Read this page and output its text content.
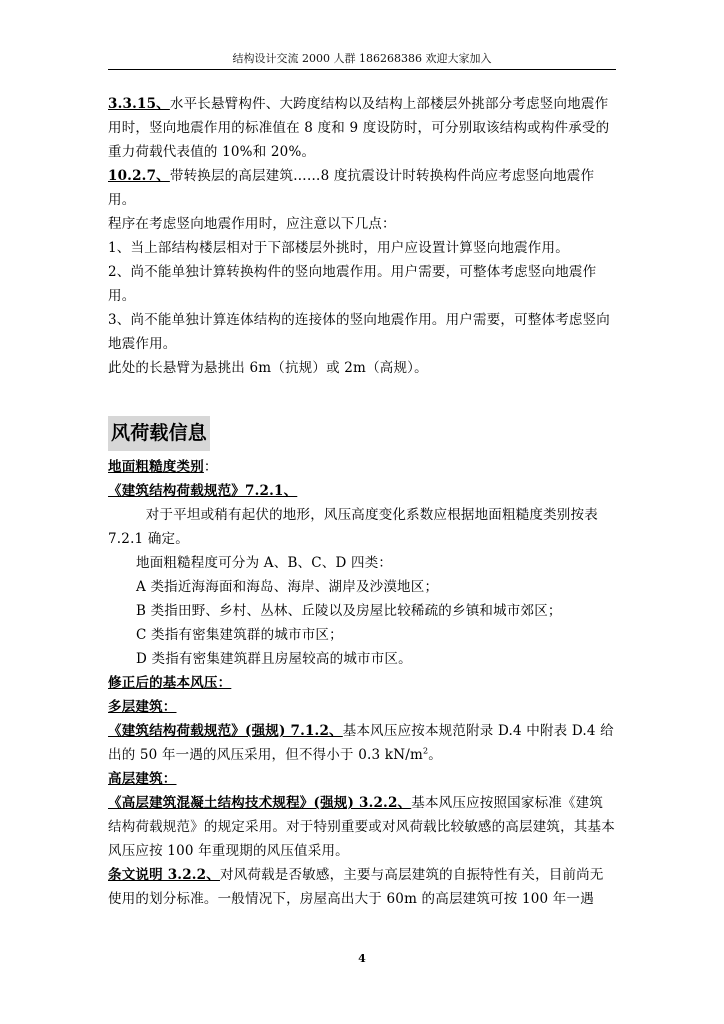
结构设计交流 2000 人群 186268386 欢迎大家加入

3.3.15、水平长悬臂构件、大跨度结构以及结构上部楼层外挑部分考虑竖向地震作用时，竖向地震作用的标准值在 8 度和 9 度设防时，可分别取该结构或构件承受的重力荷载代表值的 10%和 20%。

10.2.7、带转换层的高层建筑……8 度抗震设计时转换构件尚应考虑竖向地震作用。

程序在考虑竖向地震作用时，应注意以下几点：

1、当上部结构楼层相对于下部楼层外挑时，用户应设置计算竖向地震作用。

2、尚不能单独计算转换构件的竖向地震作用。用户需要，可整体考虑竖向地震作用。

3、尚不能单独计算连体结构的连接体的竖向地震作用。用户需要，可整体考虑竖向地震作用。

此处的长悬臂为悬挑出 6m（抗规）或 2m（高规）。

风荷载信息

地面粗糙度类别：

《建筑结构荷载规范》7.2.1、

对于平坦或稍有起伏的地形，风压高度变化系数应根据地面粗糙度类别按表 7.2.1 确定。

地面粗糙程度可分为 A、B、C、D 四类：

A 类指近海海面和海岛、海岸、湖岸及沙漠地区；

B 类指田野、乡村、丛林、丘陵以及房屋比较稀疏的乡镇和城市郊区；

C 类指有密集建筑群的城市市区；

D 类指有密集建筑群且房屋较高的城市市区。

修正后的基本风压：

多层建筑：

《建筑结构荷载规范》(强规) 7.1.2、基本风压应按本规范附录 D.4 中附表 D.4 给出的 50 年一遇的风压采用，但不得小于 0.3 $kN/m^2$。

高层建筑：

《高层建筑混凝土结构技术规程》(强规) 3.2.2、基本风压应按照国家标准《建筑结构荷载规范》的规定采用。对于特别重要或对风荷载比较敏感的高层建筑，其基本风压应按 100 年重现期的风压值采用。

条文说明 3.2.2、对风荷载是否敏感，主要与高层建筑的自振特性有关，目前尚无使用的划分标准。一般情况下，房屋高出大于 60m 的高层建筑可按 100 年一遇

4
